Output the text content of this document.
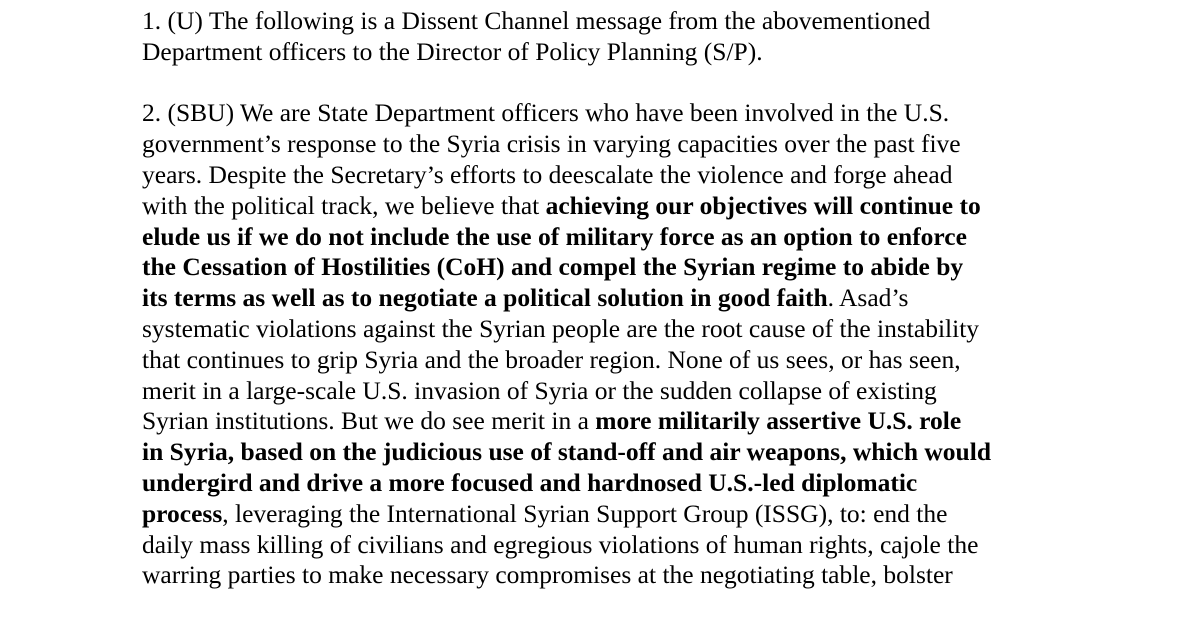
1. (U) The following is a Dissent Channel message from the abovementioned
Department officers to the Director of Policy Planning (S/P).
2. (SBU) We are State Department officers who have been involved in the U.S.
government’s response to the Syria crisis in varying capacities over the past five
years. Despite the Secretary’s efforts to deescalate the violence and forge ahead
with the political track, we believe that achieving our objectives will continue to
elude us if we do not include the use of military force as an option to enforce
the Cessation of Hostilities (CoH) and compel the Syrian regime to abide by
its terms as well as to negotiate a political solution in good faith. Asad’s
systematic violations against the Syrian people are the root cause of the instability
that continues to grip Syria and the broader region. None of us sees, or has seen,
merit in a large-scale U.S. invasion of Syria or the sudden collapse of existing
Syrian institutions. But we do see merit in a more militarily assertive U.S. role
in Syria, based on the judicious use of stand-off and air weapons, which would
undergird and drive a more focused and hardnosed U.S.-led diplomatic
process, leveraging the International Syrian Support Group (ISSG), to: end the
daily mass killing of civilians and egregious violations of human rights, cajole the
warring parties to make necessary compromises at the negotiating table, bolster
